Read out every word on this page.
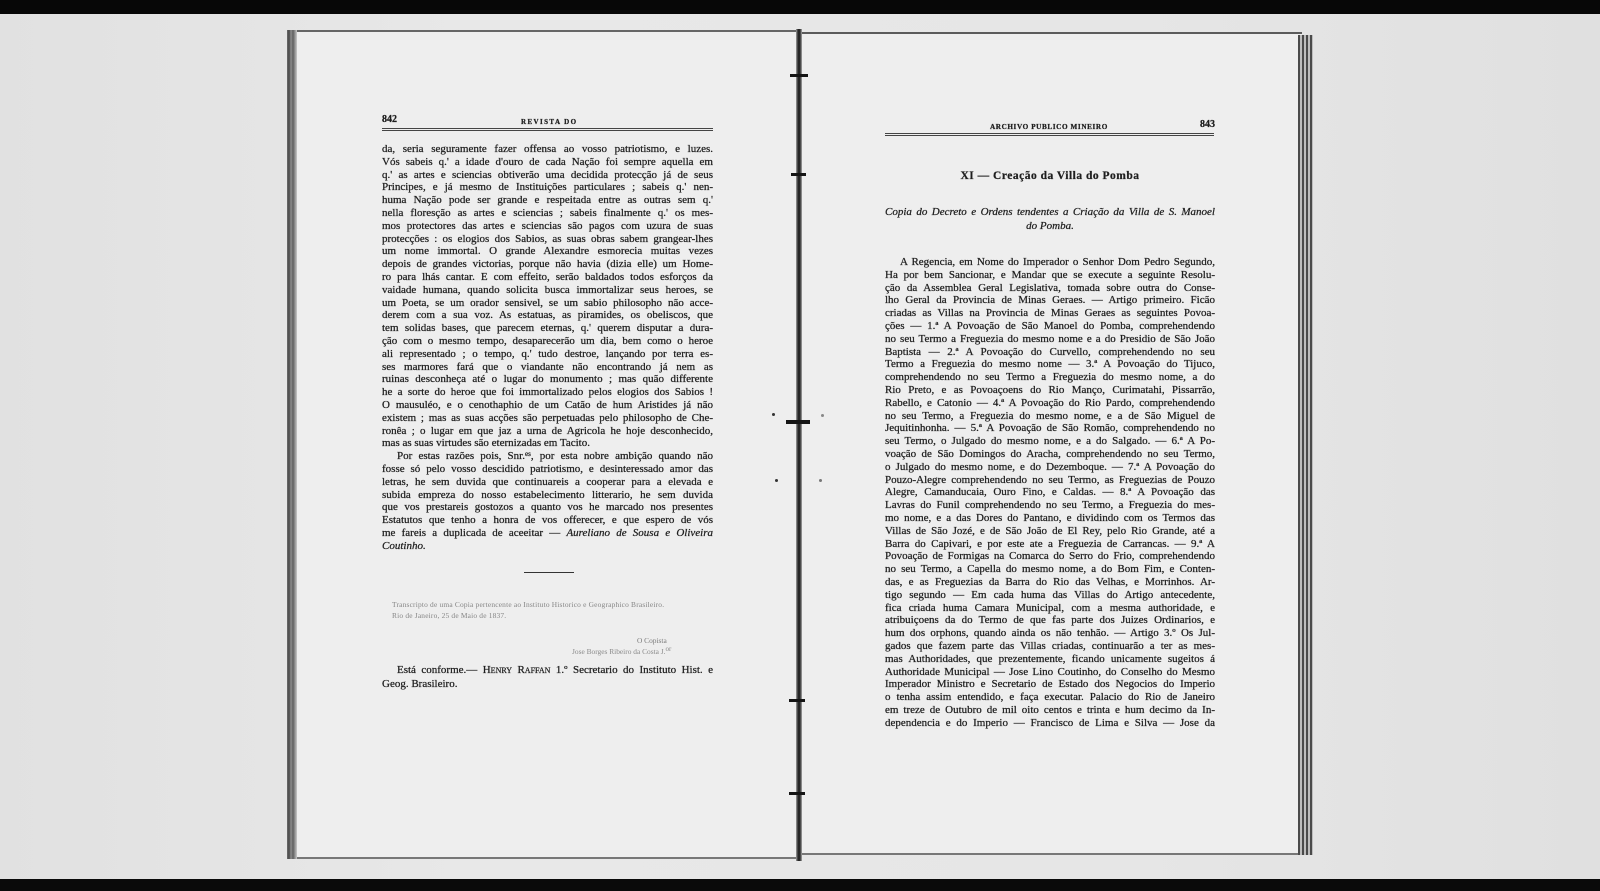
842	REVISTA DO
da, seria seguramente fazer offensa ao vosso patriotismo, e luzes.
Vós sabeis q.' a idade d'ouro de cada Nação foi sempre aquella em
q.' as artes e sciencias obtiverão uma decidida protecção já de seus
Principes, e já mesmo de Instituições particulares ; sabeis q.' nen-
huma Nação pode ser grande e respeitada entre as outras sem q.'
nella floresção as artes e sciencias ; sabeis finalmente q.' os mes-
mos protectores das artes e sciencias são pagos com uzura de suas
protecções : os elogios dos Sabios, as suas obras sabem grangear-lhes
um nome immortal. O grande Alexandre esmorecia muitas vezes
depois de grandes victorias, porque não havia (dizia elle) um Home-
ro para lhás cantar. E com effeito, serão baldados todos esforços da
vaidade humana, quando solicita busca immortalizar seus heroes, se
um Poeta, se um orador sensivel, se um sabio philosopho não acce-
derem com a sua voz. As estatuas, as piramides, os obeliscos, que
tem solidas bases, que parecem eternas, q.' querem disputar a dura-
ção com o mesmo tempo, desaparecerão um dia, bem como o heroe
ali representado ; o tempo, q.' tudo destroe, lançando por terra es-
ses marmores fará que o viandante não encontrando já nem as
ruinas desconheça até o lugar do monumento ; mas quão differente
he a sorte do heroe que foi immortalizado pelos elogios dos Sabios !
O mausuléo, e o cenothaphio de um Catão de hum Aristides já não
existem ; mas as suas acções são perpetuadas pelo philosopho de Che-
ronêa ; o lugar em que jaz a urna de Agricola he hoje desconhecido,
mas as suas virtudes são eternizadas em Tacito.
Por estas razões pois, Snr.$^{es}$, por esta nobre ambição quando não
fosse só pelo vosso descidido patriotismo, e desinteressado amor das
letras, he sem duvida que continuareis a cooperar para a elevada e
subida empreza do nosso estabelecimento litterario, he sem duvida
que vos prestareis gostozos a quanto vos he marcado nos presentes
Estatutos que tenho a honra de vos offerecer, e que espero de vós
me fareis a duplicada de aceeitar — Aureliano de Sousa e Oliveira
Coutinho.
Transcripto de uma Copia pertencente ao Instituto Historico e Geographico Brasileiro.
Rio de Janeiro, 25 de Maio de 1837.
O Copista
Jose Borges Ribeiro da Costa J.$^{or}$
Está conforme.— Henry Raffan 1.º Secretario do Instituto Hist. e
Geog. Brasileiro.
ARCHIVO PUBLICO MINEIRO	843
XI — Creação da Villa do Pomba
Copia do Decreto e Ordens tendentes a Criação da Villa de S. Manoel
do Pomba.
A Regencia, em Nome do Imperador o Senhor Dom Pedro Segundo,
Ha por bem Sancionar, e Mandar que se execute a seguinte Resolu-
ção da Assemblea Geral Legislativa, tomada sobre outra do Conse-
lho Geral da Provincia de Minas Geraes. — Artigo primeiro. Ficão
criadas as Villas na Provincia de Minas Geraes as seguintes Povoa-
ções — 1.ª A Povoação de São Manoel do Pomba, comprehendendo
no seu Termo a Freguezia do mesmo nome e a do Presidio de São João
Baptista — 2.ª A Povoação do Curvello, comprehendendo no seu
Termo a Freguezia do mesmo nome — 3.ª A Povoação do Tijuco,
comprehendendo no seu Termo a Freguezia do mesmo nome, a do
Rio Preto, e as Povoaçoens do Rio Manço, Curimatahi, Pissarrão,
Rabello, e Catonio — 4.ª A Povoação do Rio Pardo, comprehendendo
no seu Termo, a Freguezia do mesmo nome, e a de São Miguel de
Jequitinhonha. — 5.ª A Povoação de São Romão, comprehendendo no
seu Termo, o Julgado do mesmo nome, e a do Salgado. — 6.ª A Po-
voação de São Domingos do Aracha, comprehendendo no seu Termo,
o Julgado do mesmo nome, e do Dezemboque. — 7.ª A Povoação do
Pouzo-Alegre comprehendendo no seu Termo, as Freguezias de Pouzo
Alegre, Camanducaia, Ouro Fino, e Caldas. — 8.ª A Povoação das
Lavras do Funil comprehendendo no seu Termo, a Freguezia do mes-
mo nome, e a das Dores do Pantano, e dividindo com os Termos das
Villas de São Jozé, e de São João de El Rey, pelo Rio Grande, até a
Barra do Capivari, e por este ate a Freguezia de Carrancas. — 9.ª A
Povoação de Formigas na Comarca do Serro do Frio, comprehendendo
no seu Termo, a Capella do mesmo nome, a do Bom Fim, e Conten-
das, e as Freguezias da Barra do Rio das Velhas, e Morrinhos. Ar-
tigo segundo — Em cada huma das Villas do Artigo antecedente,
fica criada huma Camara Municipal, com a mesma authoridade, e
atribuiçoens da do Termo de que fas parte dos Juizes Ordinarios, e
hum dos orphons, quando ainda os não tenhão. — Artigo 3.º Os Jul-
gados que fazem parte das Villas criadas, continuarão a ter as mes-
mas Authoridades, que prezentemente, ficando unicamente sugeitos á
Authoridade Municipal — Jose Lino Coutinho, do Conselho do Mesmo
Imperador Ministro e Secretario de Estado dos Negocios do Imperio
o tenha assim entendido, e faça executar. Palacio do Rio de Janeiro
em treze de Outubro de mil oito centos e trinta e hum decimo da In-
dependencia e do Imperio — Francisco de Lima e Silva — Jose da
